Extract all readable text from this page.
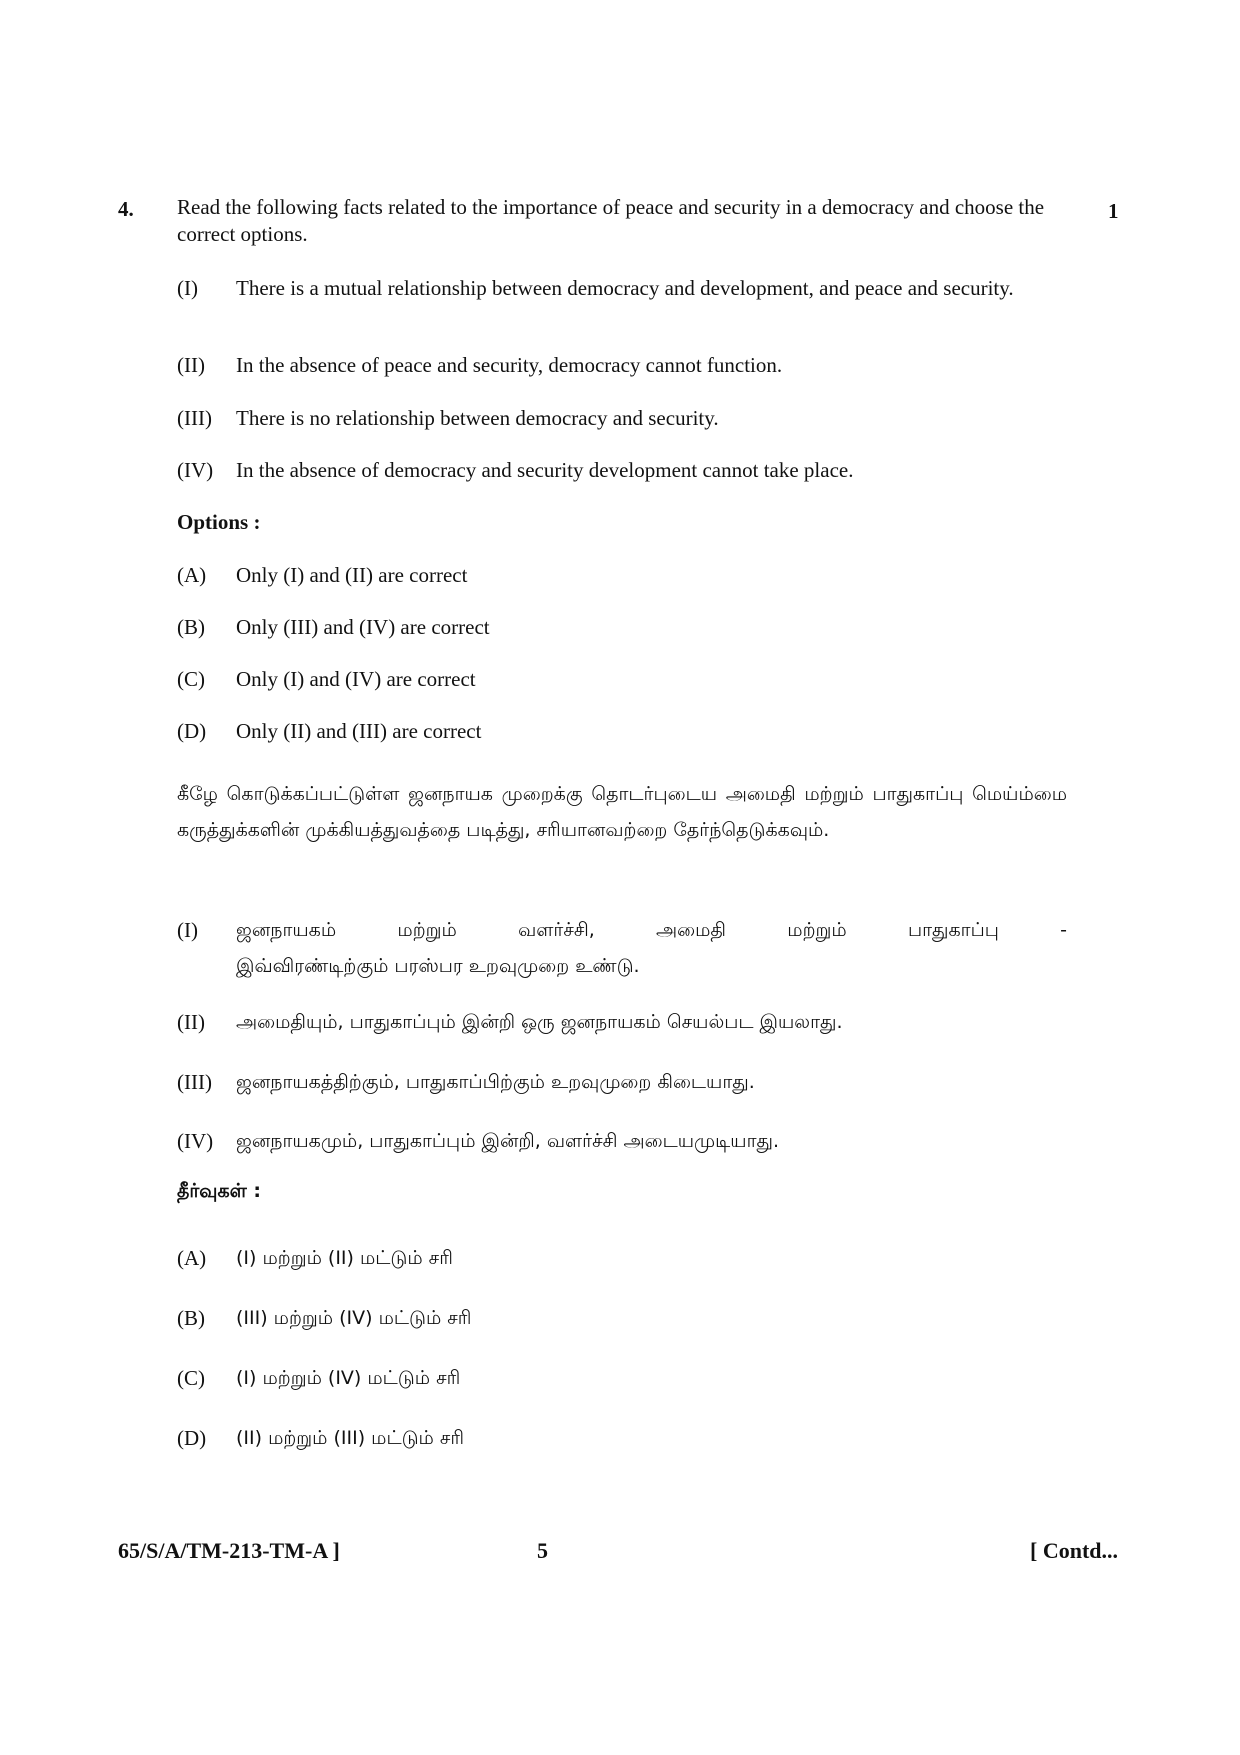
4. Read the following facts related to the importance of peace and security in a democracy and choose the correct options.
1
(I)	There is a mutual relationship between democracy and development, and peace and security.
(II)	In the absence of peace and security, democracy cannot function.
(III)	There is no relationship between democracy and security.
(IV)	In the absence of democracy and security development cannot take place.
Options :
(A)	Only (I) and (II) are correct
(B)	Only (III) and (IV) are correct
(C)	Only (I) and (IV) are correct
(D)	Only (II) and (III) are correct
கீழே கொடுக்கப்பட்டுள்ள ஜனநாயக முறைக்கு தொடர்புடைய அமைதி மற்றும் பாதுகாப்பு மெய்ம்மை கருத்துக்களின் முக்கியத்துவத்தை படித்து, சரியானவற்றை தேர்ந்தெடுக்கவும்.
(I)	ஜனநாயகம் மற்றும் வளர்ச்சி, அமைதி மற்றும் பாதுகாப்பு -
இவ்விரண்டிற்கும் பரஸ்பர உறவுமுறை உண்டு.
(II)	அமைதியும், பாதுகாப்பும் இன்றி ஒரு ஜனநாயகம் செயல்பட இயலாது.
(III)	ஜனநாயகத்திற்கும், பாதுகாப்பிற்கும் உறவுமுறை கிடையாது.
(IV)	ஜனநாயகமும், பாதுகாப்பும் இன்றி, வளர்ச்சி அடையமுடியாது.
தீர்வுகள் :
(A)	(I) மற்றும் (II) மட்டும் சரி
(B)	(III) மற்றும் (IV) மட்டும் சரி
(C)	(I) மற்றும் (IV) மட்டும் சரி
(D)	(II) மற்றும் (III) மட்டும் சரி
65/S/A/TM-213-TM-A ]	5	[ Contd...
